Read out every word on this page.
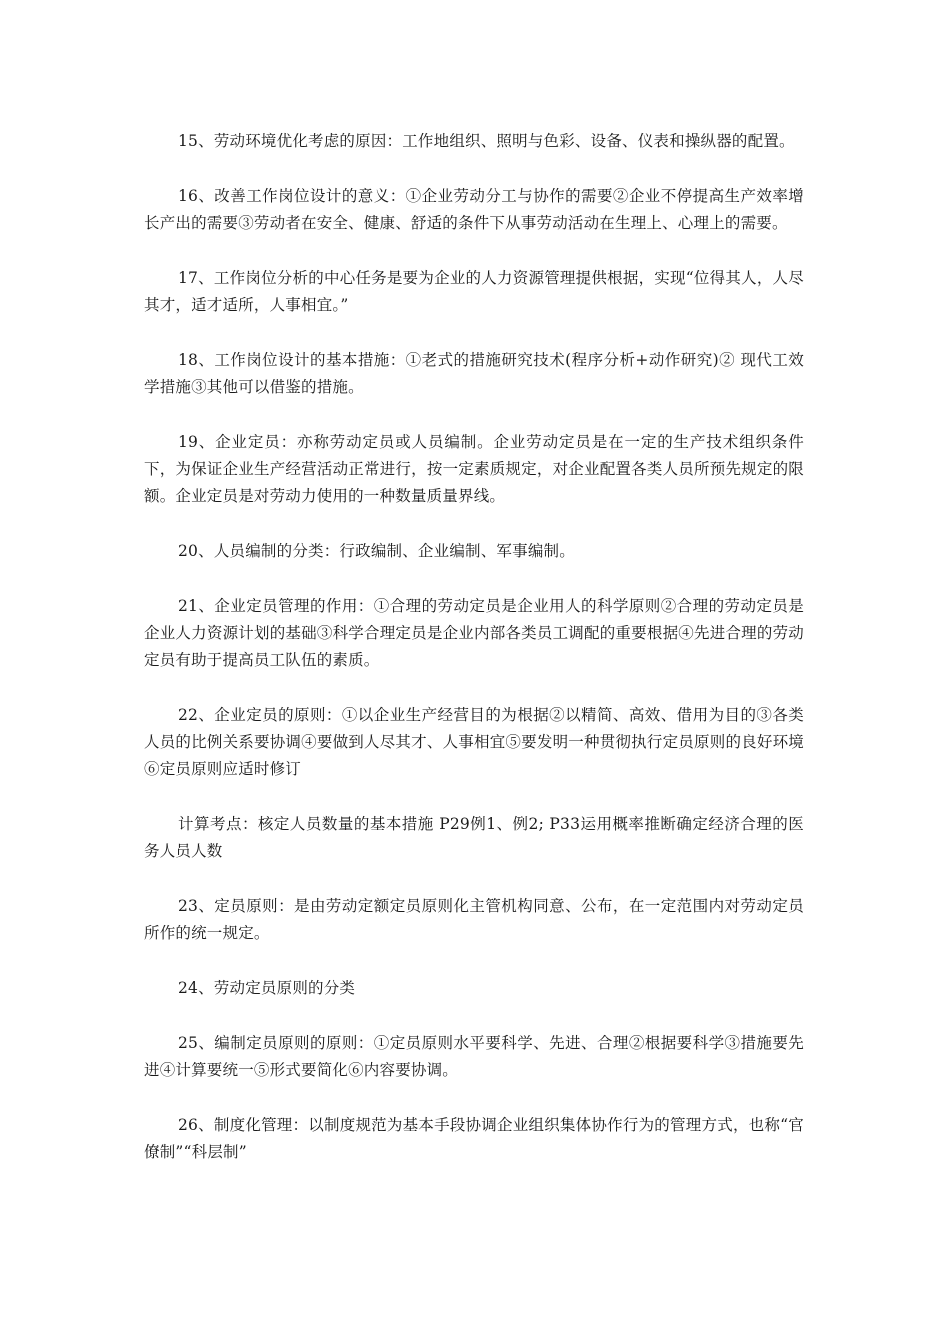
15、劳动环境优化考虑的原因：工作地组织、照明与色彩、设备、仪表和操纵器的配置。

16、改善工作岗位设计的意义：①企业劳动分工与协作的需要②企业不停提高生产效率增长产出的需要③劳动者在安全、健康、舒适的条件下从事劳动活动在生理上、心理上的需要。

17、工作岗位分析的中心任务是要为企业的人力资源管理提供根据，实现“位得其人，人尽其才，适才适所，人事相宜。”

18、工作岗位设计的基本措施：①老式的措施研究技术(程序分析+动作研究)② 现代工效学措施③其他可以借鉴的措施。

19、企业定员：亦称劳动定员或人员编制。企业劳动定员是在一定的生产技术组织条件下，为保证企业生产经营活动正常进行，按一定素质规定，对企业配置各类人员所预先规定的限额。企业定员是对劳动力使用的一种数量质量界线。

20、人员编制的分类：行政编制、企业编制、军事编制。

21、企业定员管理的作用：①合理的劳动定员是企业用人的科学原则②合理的劳动定员是企业人力资源计划的基础③科学合理定员是企业内部各类员工调配的重要根据④先进合理的劳动定员有助于提高员工队伍的素质。

22、企业定员的原则：①以企业生产经营目的为根据②以精简、高效、借用为目的③各类人员的比例关系要协调④要做到人尽其才、人事相宜⑤要发明一种贯彻执行定员原则的良好环境⑥定员原则应适时修订

计算考点：核定人员数量的基本措施 P29例1、例2; P33运用概率推断确定经济合理的医务人员人数

23、定员原则：是由劳动定额定员原则化主管机构同意、公布，在一定范围内对劳动定员所作的统一规定。

24、劳动定员原则的分类

25、编制定员原则的原则：①定员原则水平要科学、先进、合理②根据要科学③措施要先进④计算要统一⑤形式要简化⑥内容要协调。

26、制度化管理：以制度规范为基本手段协调企业组织集体协作行为的管理方式，也称“官僚制”“科层制”
